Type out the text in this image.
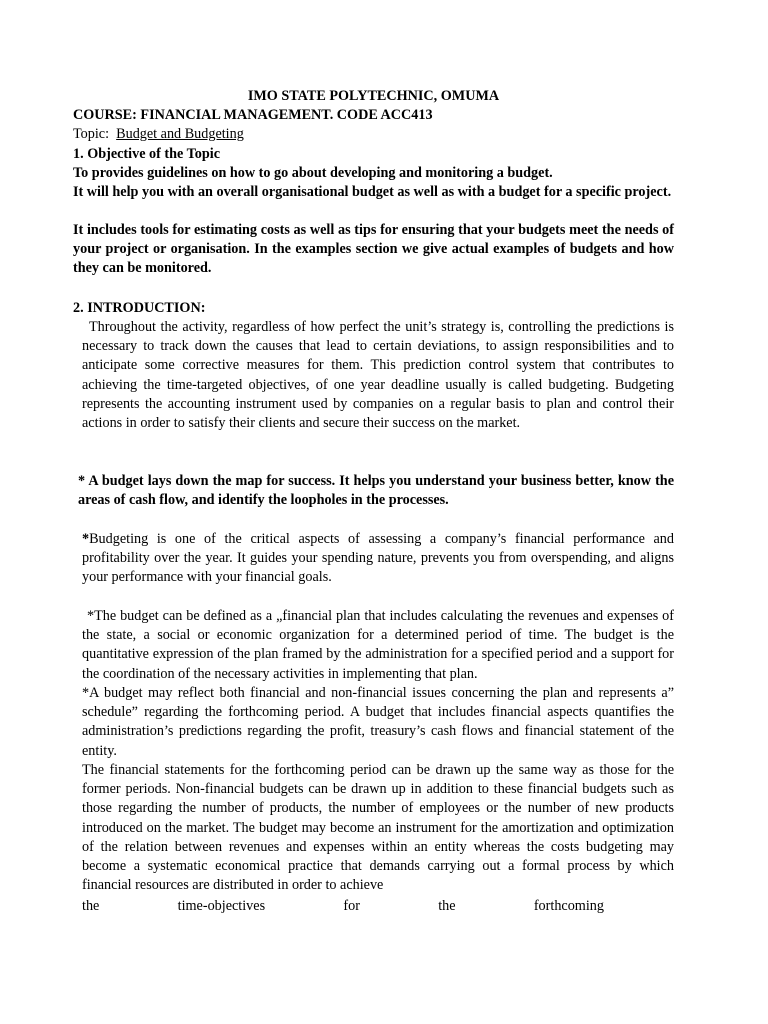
IMO STATE POLYTECHNIC, OMUMA
COURSE: FINANCIAL MANAGEMENT. CODE ACC413
Topic: Budget and Budgeting
1. Objective of the Topic
To provides guidelines on how to go about developing and monitoring a budget.
It will help you with an overall organisational budget as well as with a budget for a specific project.
It includes tools for estimating costs as well as tips for ensuring that your budgets meet the needs of your project or organisation. In the examples section we give actual examples of budgets and how they can be monitored.
2. INTRODUCTION:
Throughout the activity, regardless of how perfect the unit’s strategy is, controlling the predictions is necessary to track down the causes that lead to certain deviations, to assign responsibilities and to anticipate some corrective measures for them. This prediction control system that contributes to achieving the time-targeted objectives, of one year deadline usually is called budgeting. Budgeting represents the accounting instrument used by companies on a regular basis to plan and control their actions in order to satisfy their clients and secure their success on the market.
* A budget lays down the map for success. It helps you understand your business better, know the areas of cash flow, and identify the loopholes in the processes.
*Budgeting is one of the critical aspects of assessing a company’s financial performance and profitability over the year. It guides your spending nature, prevents you from overspending, and aligns your performance with your financial goals.
*The budget can be defined as a „financial plan that includes calculating the revenues and expenses of the state, a social or economic organization for a determined period of time. The budget is the quantitative expression of the plan framed by the administration for a specified period and a support for the coordination of the necessary activities in implementing that plan.
*A budget may reflect both financial and non-financial issues concerning the plan and represents a” schedule” regarding the forthcoming period. A budget that includes financial aspects quantifies the administration’s predictions regarding the profit, treasury’s cash flows and financial statement of the entity.
The financial statements for the forthcoming period can be drawn up the same way as those for the former periods. Non-financial budgets can be drawn up in addition to these financial budgets such as those regarding the number of products, the number of employees or the number of new products introduced on the market. The budget may become an instrument for the amortization and optimization of the relation between revenues and expenses within an entity whereas the costs budgeting may become a systematic economical practice that demands carrying out a formal process by which financial resources are distributed in order to achieve
the	time-objectives	for	the	forthcoming
